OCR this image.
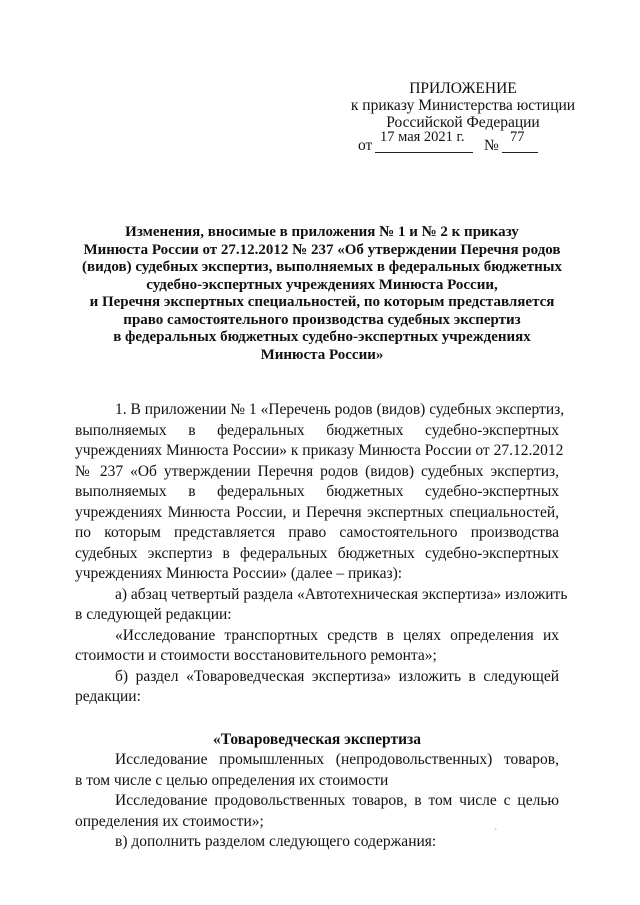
ПРИЛОЖЕНИЕ
к приказу Министерства юстиции
Российской Федерации
от 17 мая 2021 г. № 77
Изменения, вносимые в приложения № 1 и № 2 к приказу
Минюста России от 27.12.2012 № 237 «Об утверждении Перечня родов
(видов) судебных экспертиз, выполняемых в федеральных бюджетных
судебно-экспертных учреждениях Минюста России,
и Перечня экспертных специальностей, по которым представляется
право самостоятельного производства судебных экспертиз
в федеральных бюджетных судебно-экспертных учреждениях
Минюста России»
1. В приложении № 1 «Перечень родов (видов) судебных экспертиз,
выполняемых в федеральных бюджетных судебно-экспертных
учреждениях Минюста России» к приказу Минюста России от 27.12.2012
№ 237 «Об утверждении Перечня родов (видов) судебных экспертиз,
выполняемых в федеральных бюджетных судебно-экспертных
учреждениях Минюста России, и Перечня экспертных специальностей,
по которым представляется право самостоятельного производства
судебных экспертиз в федеральных бюджетных судебно-экспертных
учреждениях Минюста России» (далее – приказ):
а) абзац четвертый раздела «Автотехническая экспертиза» изложить
в следующей редакции:
«Исследование транспортных средств в целях определения их
стоимости и стоимости восстановительного ремонта»;
б) раздел «Товароведческая экспертиза» изложить в следующей
редакции:
«Товароведческая экспертиза
Исследование промышленных (непродовольственных) товаров,
в том числе с целью определения их стоимости
Исследование продовольственных товаров, в том числе с целью
определения их стоимости»;
в) дополнить разделом следующего содержания:	ˋ
